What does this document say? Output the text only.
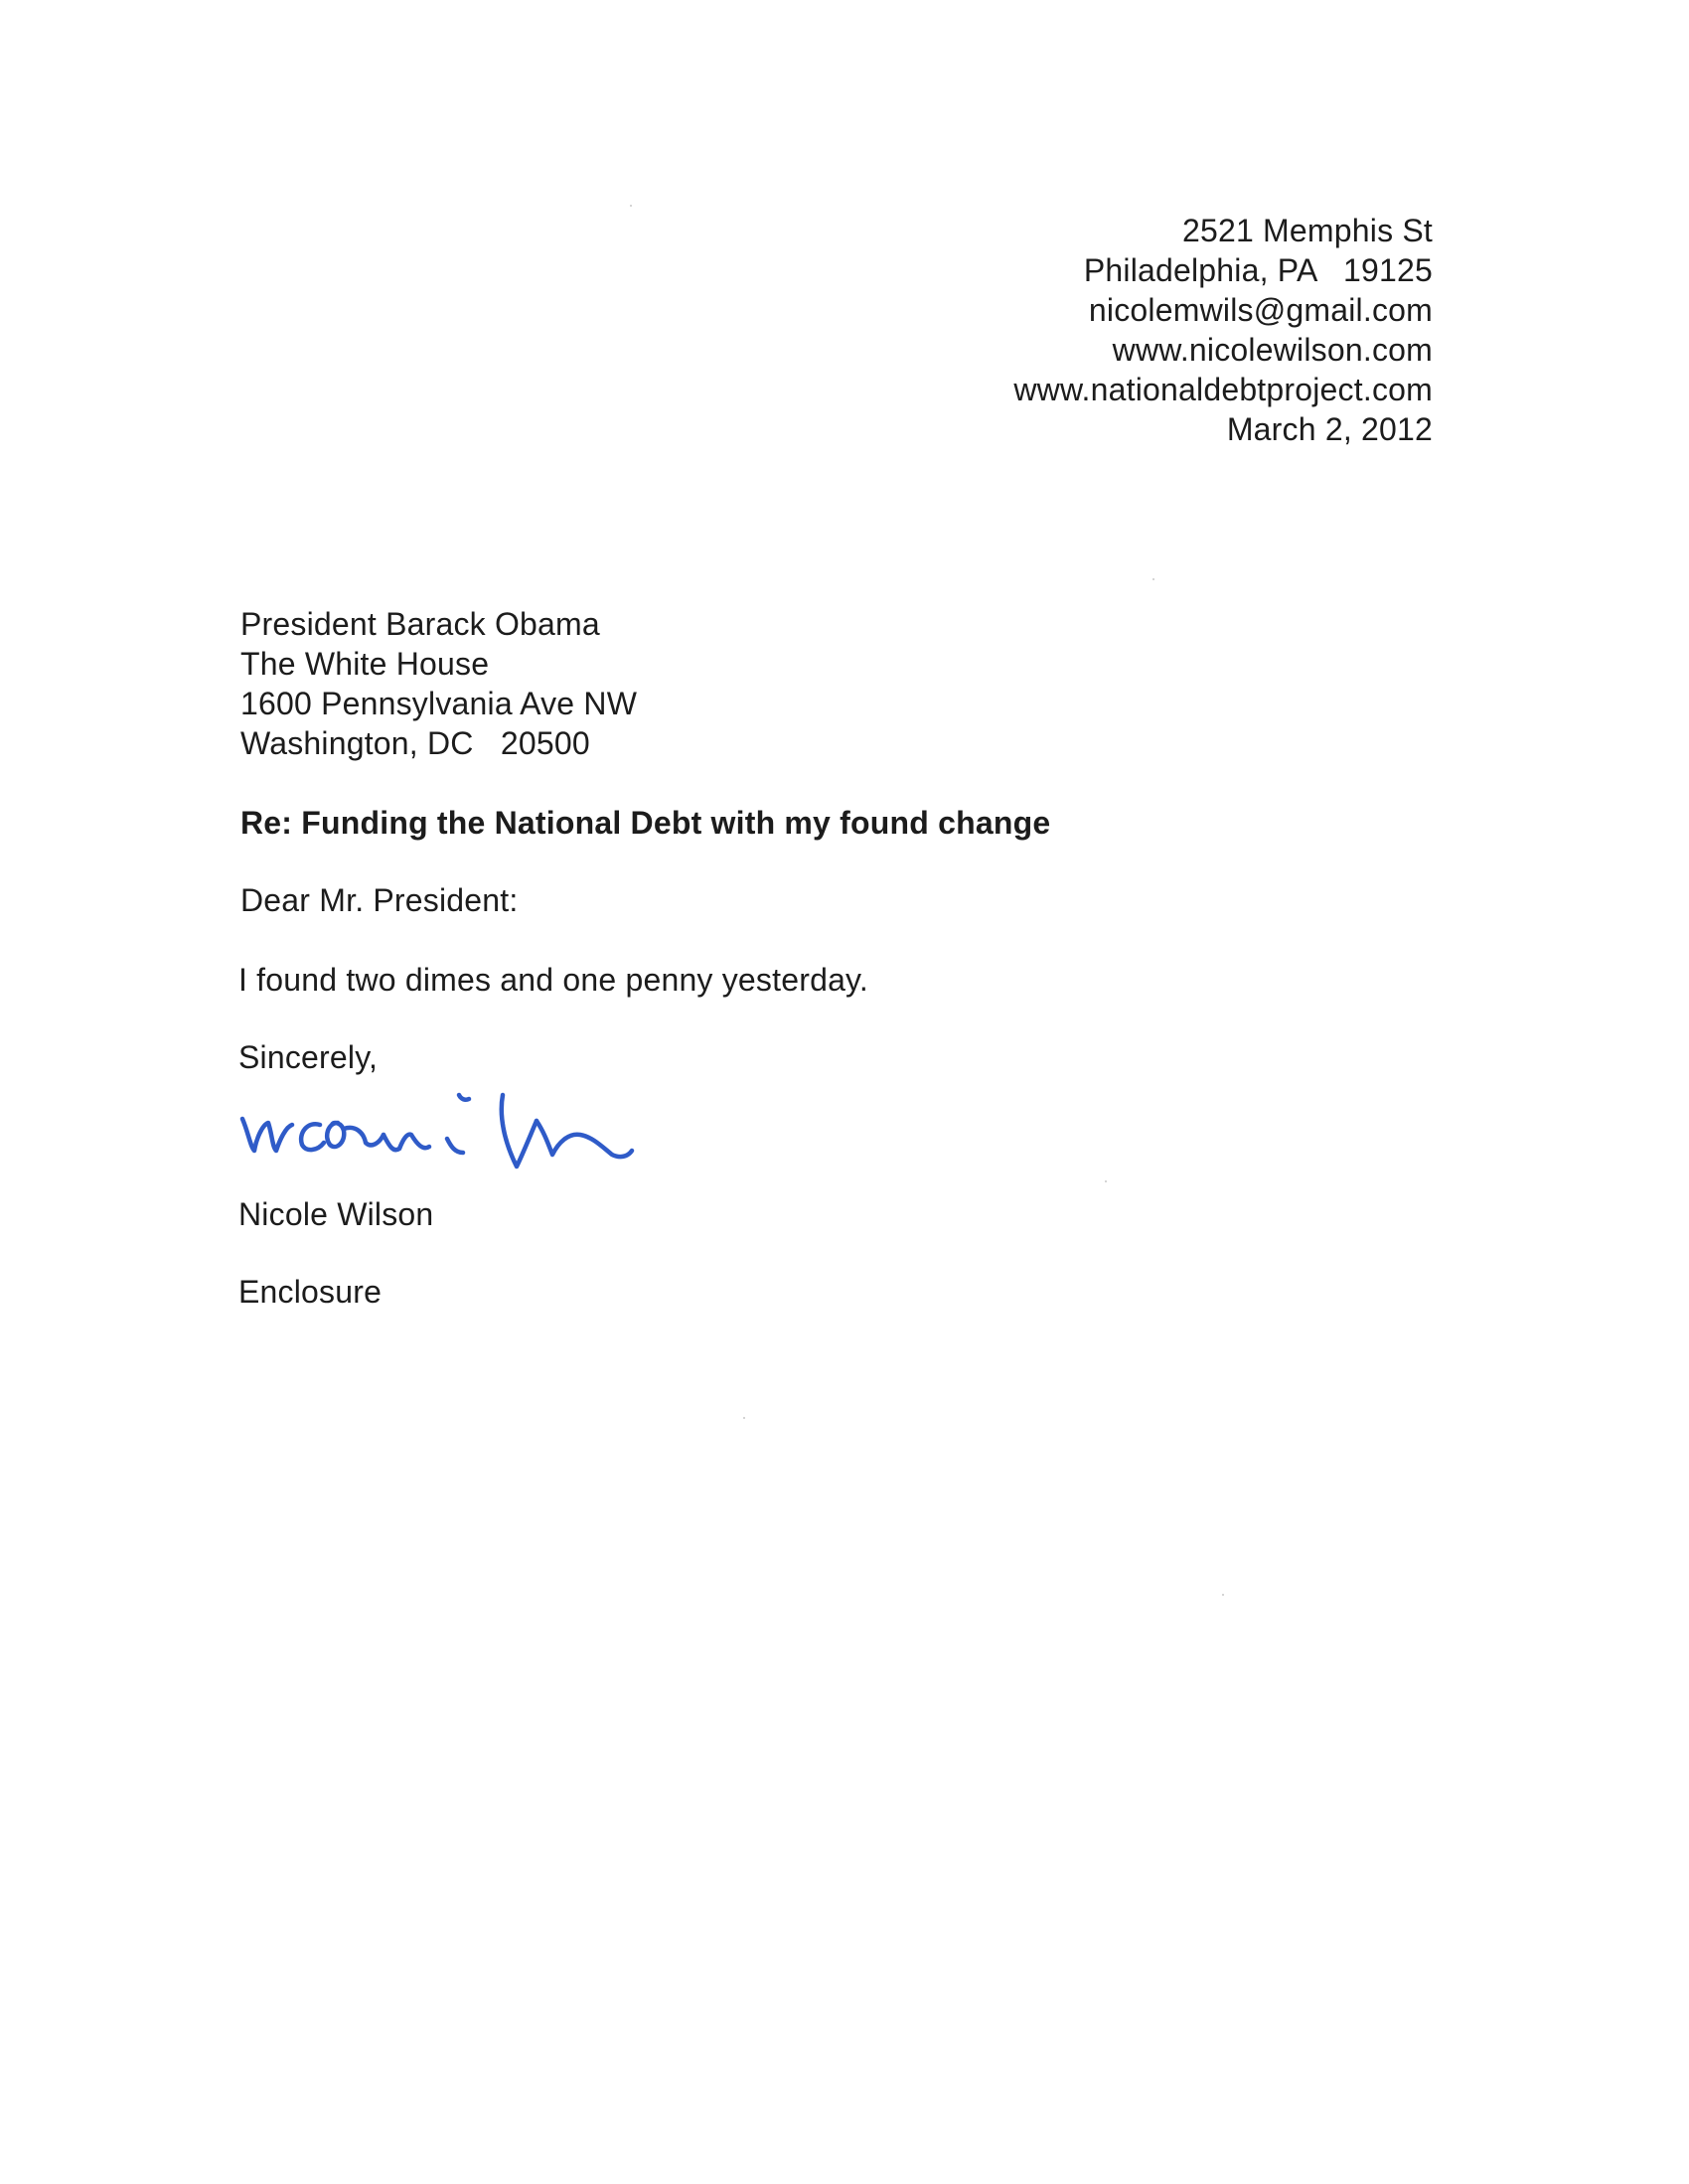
2521 Memphis St
Philadelphia, PA   19125
nicolemwils@gmail.com
www.nicolewilson.com
www.nationaldebtproject.com
March 2, 2012
President Barack Obama
The White House
1600 Pennsylvania Ave NW
Washington, DC   20500
Re: Funding the National Debt with my found change
Dear Mr. President:
I found two dimes and one penny yesterday.
Sincerely,
Nicole Wilson
Enclosure
